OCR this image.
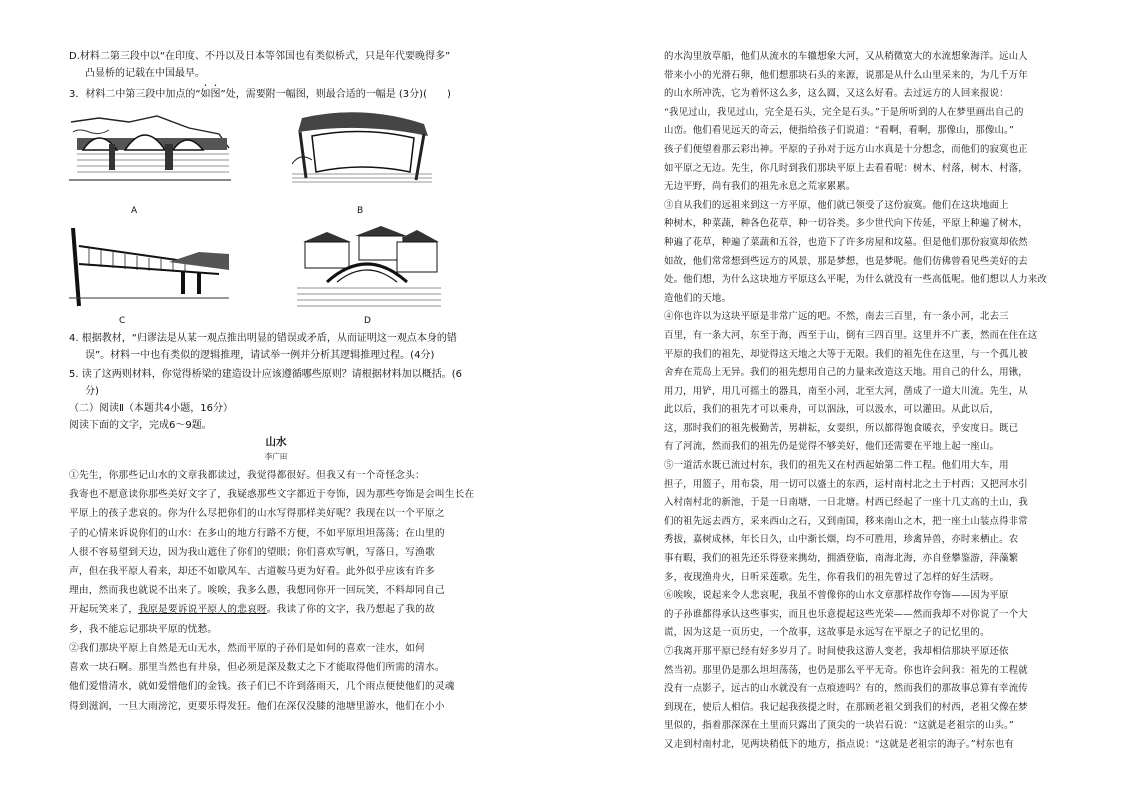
D.材料二第三段中以“在印度、不丹以及日本等邻国也有类似桥式，只是年代要晚得多”
凸显桥的记载在中国最早。
3．材料二中第三段中加点的“如图”处，需要附一幅图，则最合适的一幅是 (3分)(　　)
A	B
C	D
4. 根据教材，“归谬法是从某一观点推出明显的错误或矛盾，从而证明这一观点本身的错
误”。材料一中也有类似的逻辑推理，请试举一例并分析其逻辑推理过程。(4分)
5. 读了这两则材料，你觉得桥梁的建造设计应该遵循哪些原则？请根据材料加以概括。(6
分)
（二）阅读Ⅱ（本题共4小题，16分）
阅读下面的文字，完成6～9题。
山水
李广田
①先生，你那些记山水的文章我都读过，我觉得都很好。但我又有一个奇怪念头：
我寄也不愿意读你那些美好文字了，我疑惑那些文字都近于夸饰，因为那些夸饰是会叫生长在
平原上的孩子悲哀的。你为什么尽把你们的山水写得那样美好呢？我现在以一个平原之
子的心情来诉说你们的山水：在多山的地方行路不方便，不如平原坦坦荡荡；在山里的
人很不容易望到天边，因为我山遮住了你们的望眼；你们喜欢写帆，写落日，写渔歌
声，但在我平原人看来，却还不如歇风车、古道鞍马更为好看。此外似乎应该有许多
理由，然而我也就说不出来了。唉唉，我多么愚，我想同你开一回玩笑，不料却同自己
开起玩笑来了，我原是要诉说平原人的悲哀呀。我读了你的文字，我乃想起了我的故
乡，我不能忘记那块平原的忧愁。
②我们那块平原上自然是无山无水，然而平原的子孙们是如何的喜欢一洼水，如何
喜欢一块石啊。那里当然也有井泉，但必须是深及数丈之下才能取得他们所需的清水。
他们爱惜清水，就如爱惜他们的金钱。孩子们已不许到落雨天，几个雨点便使他们的灵魂
得到滋润，一旦大雨滂沱，更要乐得发狂。他们在深仅没膝的池塘里游水，他们在小小
的水沟里放草船，他们从流水的车辙想象大河，又从稍微宽大的水流想象海洋。远山人
带来小小的光滑石卵，他们想那块石头的来源，说那是从什么山里采来的，为几千万年
的山水所冲洗，它为着怀这么多，这么圆，又这么好看。去过远方的人回来报说：
“我见过山，我见过山，完全是石头，完全是石头。”于是所听到的人在梦里画出自己的
山峦。他们看见远天的奇云，便指给孩子们说道：“看啊，看啊，那像山，那像山。”
孩子们便望着那云彩出神。平原的子孙对于远方山水真是十分想念，而他们的寂寞也正
如平原之无边。先生，你几时到我们那块平原上去看看呢：树木、村落，树木、村落，
无边平野，尚有我们的祖先永息之荒家累累。
③自从我们的远祖来到这一方平原，他们就已领受了这份寂寞。他们在这块地面上
种树木，种菜蔬，种各色花草，种一切谷类。多少世代向下传延，平原上种遍了树木，
种遍了花草，种遍了菜蔬和五谷，也造下了许多房屋和坟墓。但是他们那份寂寞却依然
如故，他们常常想到些远方的风景，那是梦想，也是梦呢。他们仿佛曾看见些美好的去
处。他们想，为什么这块地方平原这么平呢，为什么就没有一些高低呢。他们想以人力来改
造他们的天地。
④你也许以为这块平原是非常广远的吧。不然，南去三百里，有一条小河，北去三
百里，有一条大河，东至于海，西至于山，倒有三四百里。这里并不广袤，然而在住在这
平原的我们的祖先，却觉得这天地之大等于无限。我们的祖先住在这里，与一个孤儿被
舍弃在荒岛上无异。我们的祖先想用自己的力量来改造这天地。用自己的什么，用锹，
用刀，用铲，用几可摇土的器具，南至小河，北至大河，凿成了一道大川流。先生，从
此以后，我们的祖先才可以乘舟，可以泅泳，可以汲水，可以灌田。从此以后，
这，那时我们的祖先极勤苦，男耕耘，女耍织，所以都得饱食暖衣，乎安度日。既已
有了河流，然而我们的祖先仍是觉得不够美好，他们还需要在平地上起一座山。
⑤一道活水既已流过村东，我们的祖先又在村西起始第二件工程。他们用大车，用
担子，用篮子，用布袋，用一切可以盛土的东西，运村南村北之土于村西；又把河水引
入村南村北的新池，于是一日南塘，一日北塘。村西已经起了一座十几丈高的土山，我
们的祖先远去西方，采来西山之石，又到南国，移来南山之木，把一座土山装点得非常
秀拔，嘉树成林，年长日久，山中渐长烟，均不可胜用，珍禽异兽，亦时来栖止。农
事有暇，我们的祖先还乐得登来携幼，拥酒登临，南海北海，亦自登攀鉴游，萍藻繁
多，夜现渔舟火，日听采莲歌。先生，你看我们的祖先曾过了怎样的好生活呀。
⑥唉唉，说起来令人悲哀呢，我虽不曾像你的山水文章那样故作夸饰——因为平原
的子孙谁都得承认这些事实，而且也乐意提起这些光荣——然而我却不对你说了一个大
谎，因为这是一页历史，一个故事，这故事是永远写在平原之子的记忆里的。
⑦我离开那平原已经有好多岁月了。时间使我这游人变老，我却相信那块平原还依
然当初。那里仍是那么坦坦荡荡，也仍是那么平平无奇。你也许会问我：祖先的工程就
没有一点影子，远古的山水就没有一点痕迹吗？有的，然而我们的那故事总算有幸流传
到现在，使后人相信。我记起我孩提之时，在那顾老祖父到我们的村西，老祖父像在梦
里似的，指着那深深在土里而只露出了顶尖的一块岩石说：“这就是老祖宗的山头。”
又走到村南村北，见两块稍低下的地方，指点说：“这就是老祖宗的海子。”村东也有
